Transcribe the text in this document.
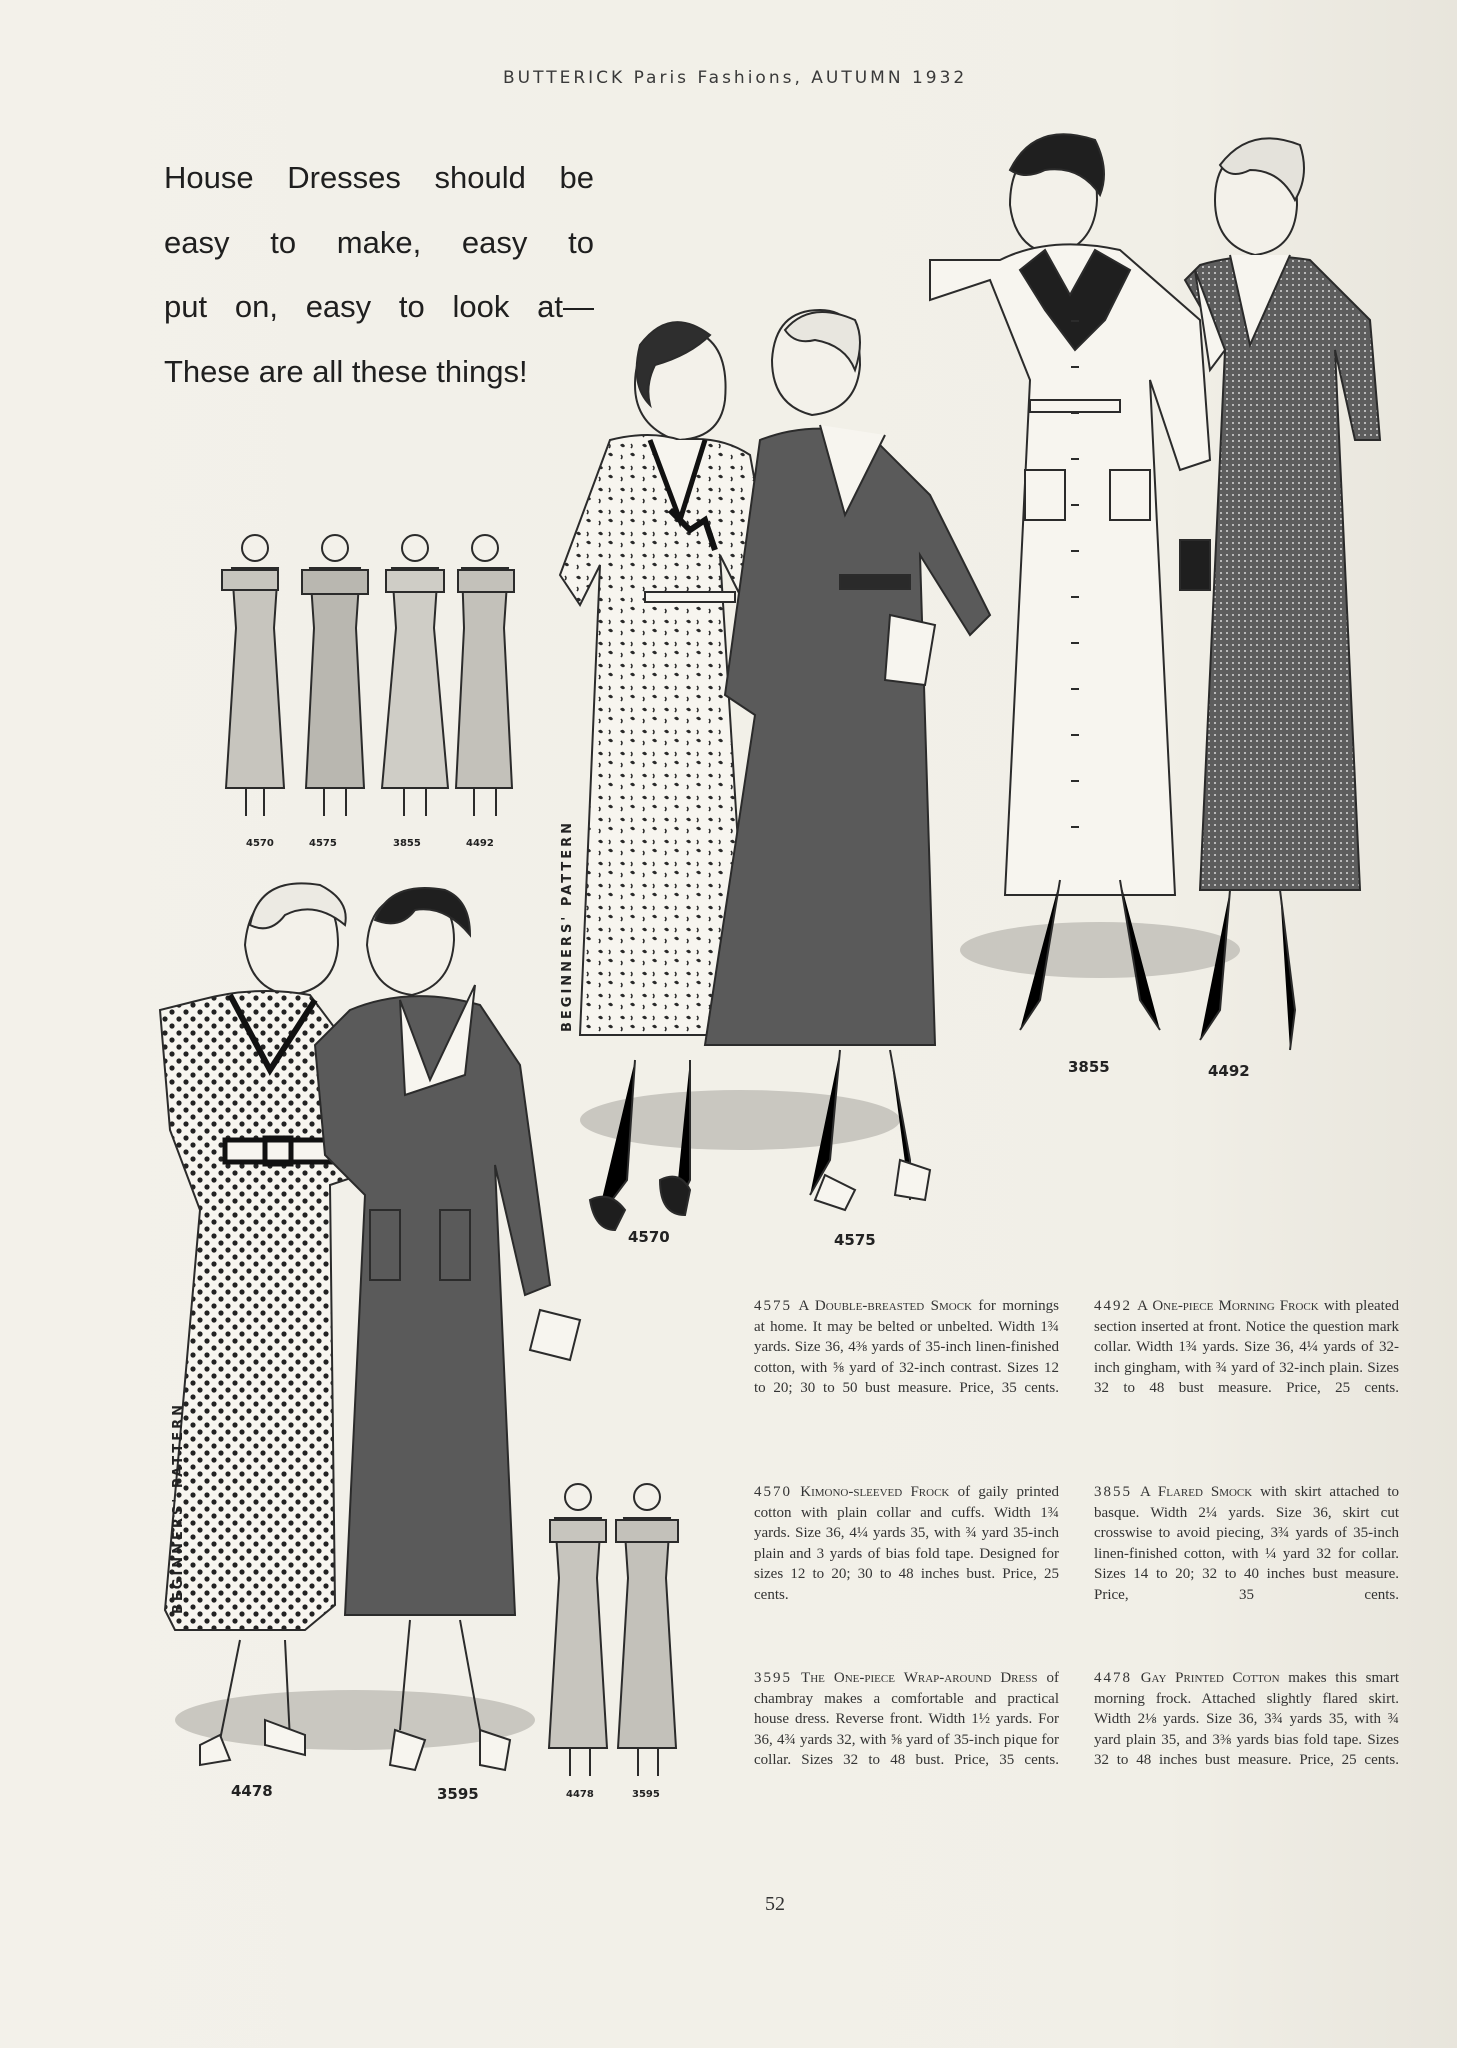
BUTTERICK Paris Fashions, AUTUMN 1932
House Dresses should be
easy to make, easy to
put on, easy to look at—
These are all these things!
BEGINNERS' PATTERN
BEGINNERS' PATTERN
4570	4575	3855	4492
4570	4575
3855	4492
4478	3595	4478	3595
4575 A Double-breasted Smock for mornings at home. It may be belted or unbelted. Width 1¾ yards. Size 36, 4⅜ yards of 35-inch linen-finished cotton, with ⅝ yard of 32-inch contrast. Sizes 12 to 20; 30 to 50 bust measure. Price, 35 cents.
4492 A One-piece Morning Frock with pleated section inserted at front. Notice the question mark collar. Width 1¾ yards. Size 36, 4¼ yards of 32-inch gingham, with ¾ yard of 32-inch plain. Sizes 32 to 48 bust measure. Price, 25 cents.
4570 Kimono-sleeved Frock of gaily printed cotton with plain collar and cuffs. Width 1¾ yards. Size 36, 4¼ yards 35, with ¾ yard 35-inch plain and 3 yards of bias fold tape. Designed for sizes 12 to 20; 30 to 48 inches bust. Price, 25 cents.
3855 A Flared Smock with skirt attached to basque. Width 2¼ yards. Size 36, skirt cut crosswise to avoid piecing, 3¾ yards of 35-inch linen-finished cotton, with ¼ yard 32 for collar. Sizes 14 to 20; 32 to 40 inches bust measure. Price, 35 cents.
3595 The One-piece Wrap-around Dress of chambray makes a comfortable and practical house dress. Reverse front. Width 1½ yards. For 36, 4¾ yards 32, with ⅝ yard of 35-inch pique for collar. Sizes 32 to 48 bust. Price, 35 cents.
4478 Gay Printed Cotton makes this smart morning frock. Attached slightly flared skirt. Width 2⅛ yards. Size 36, 3¾ yards 35, with ¾ yard plain 35, and 3⅜ yards bias fold tape. Sizes 32 to 48 inches bust measure. Price, 25 cents.
52
